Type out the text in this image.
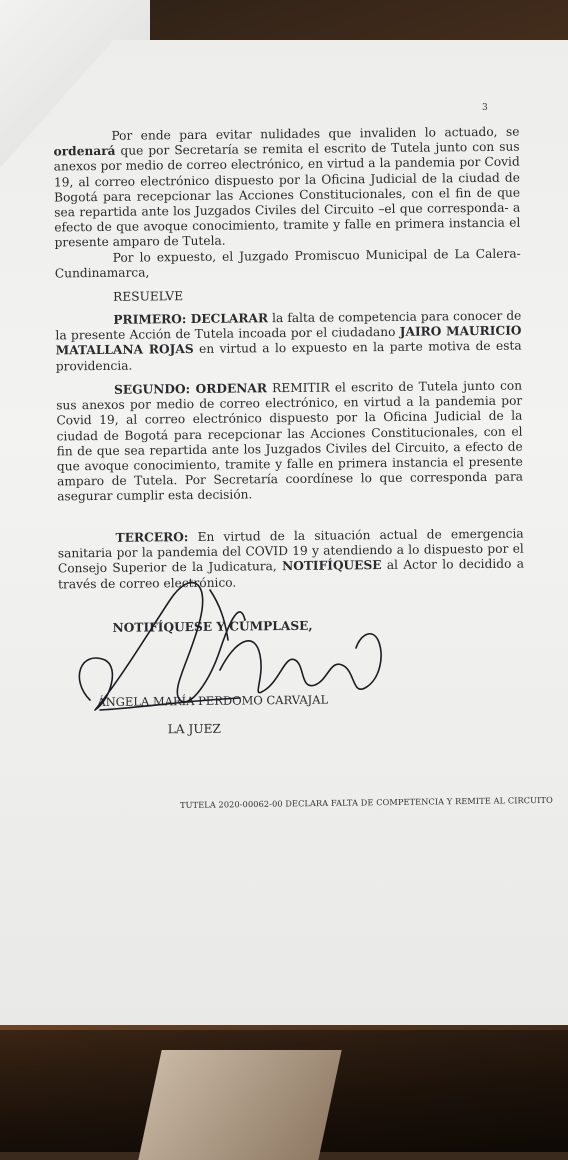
3
Por ende para evitar nulidades que invaliden lo actuado, se ordenará que por Secretaría se remita el escrito de Tutela junto con sus anexos por medio de correo electrónico, en virtud a la pandemia por Covid 19, al correo electrónico dispuesto por la Oficina Judicial de la ciudad de Bogotá para recepcionar las Acciones Constitucionales, con el fin de que sea repartida ante los Juzgados Civiles del Circuito –el que corresponda- a efecto de que avoque conocimiento, tramite y falle en primera instancia el presente amparo de Tutela.
Por lo expuesto, el Juzgado Promiscuo Municipal de La Calera-Cundinamarca,
RESUELVE
PRIMERO: DECLARAR la falta de competencia para conocer de la presente Acción de Tutela incoada por el ciudadano JAIRO MAURICIO MATALLANA ROJAS en virtud a lo expuesto en la parte motiva de esta providencia.
SEGUNDO: ORDENAR REMITIR el escrito de Tutela junto con sus anexos por medio de correo electrónico, en virtud a la pandemia por Covid 19, al correo electrónico dispuesto por la Oficina Judicial de la ciudad de Bogotá para recepcionar las Acciones Constitucionales, con el fin de que sea repartida ante los Juzgados Civiles del Circuito, a efecto de que avoque conocimiento, tramite y falle en primera instancia el presente amparo de Tutela. Por Secretaría coordínese lo que corresponda para asegurar cumplir esta decisión.
TERCERO: En virtud de la situación actual de emergencia sanitaria por la pandemia del COVID 19 y atendiendo a lo dispuesto por el Consejo Superior de la Judicatura, NOTIFÍQUESE al Actor lo decidido a través de correo electrónico.
NOTIFÍQUESE Y CÚMPLASE,
ÁNGELA MARÍA PERDOMO CARVAJAL
LA JUEZ
TUTELA 2020-00062-00 DECLARA FALTA DE COMPETENCIA Y REMITE AL CIRCUITO
